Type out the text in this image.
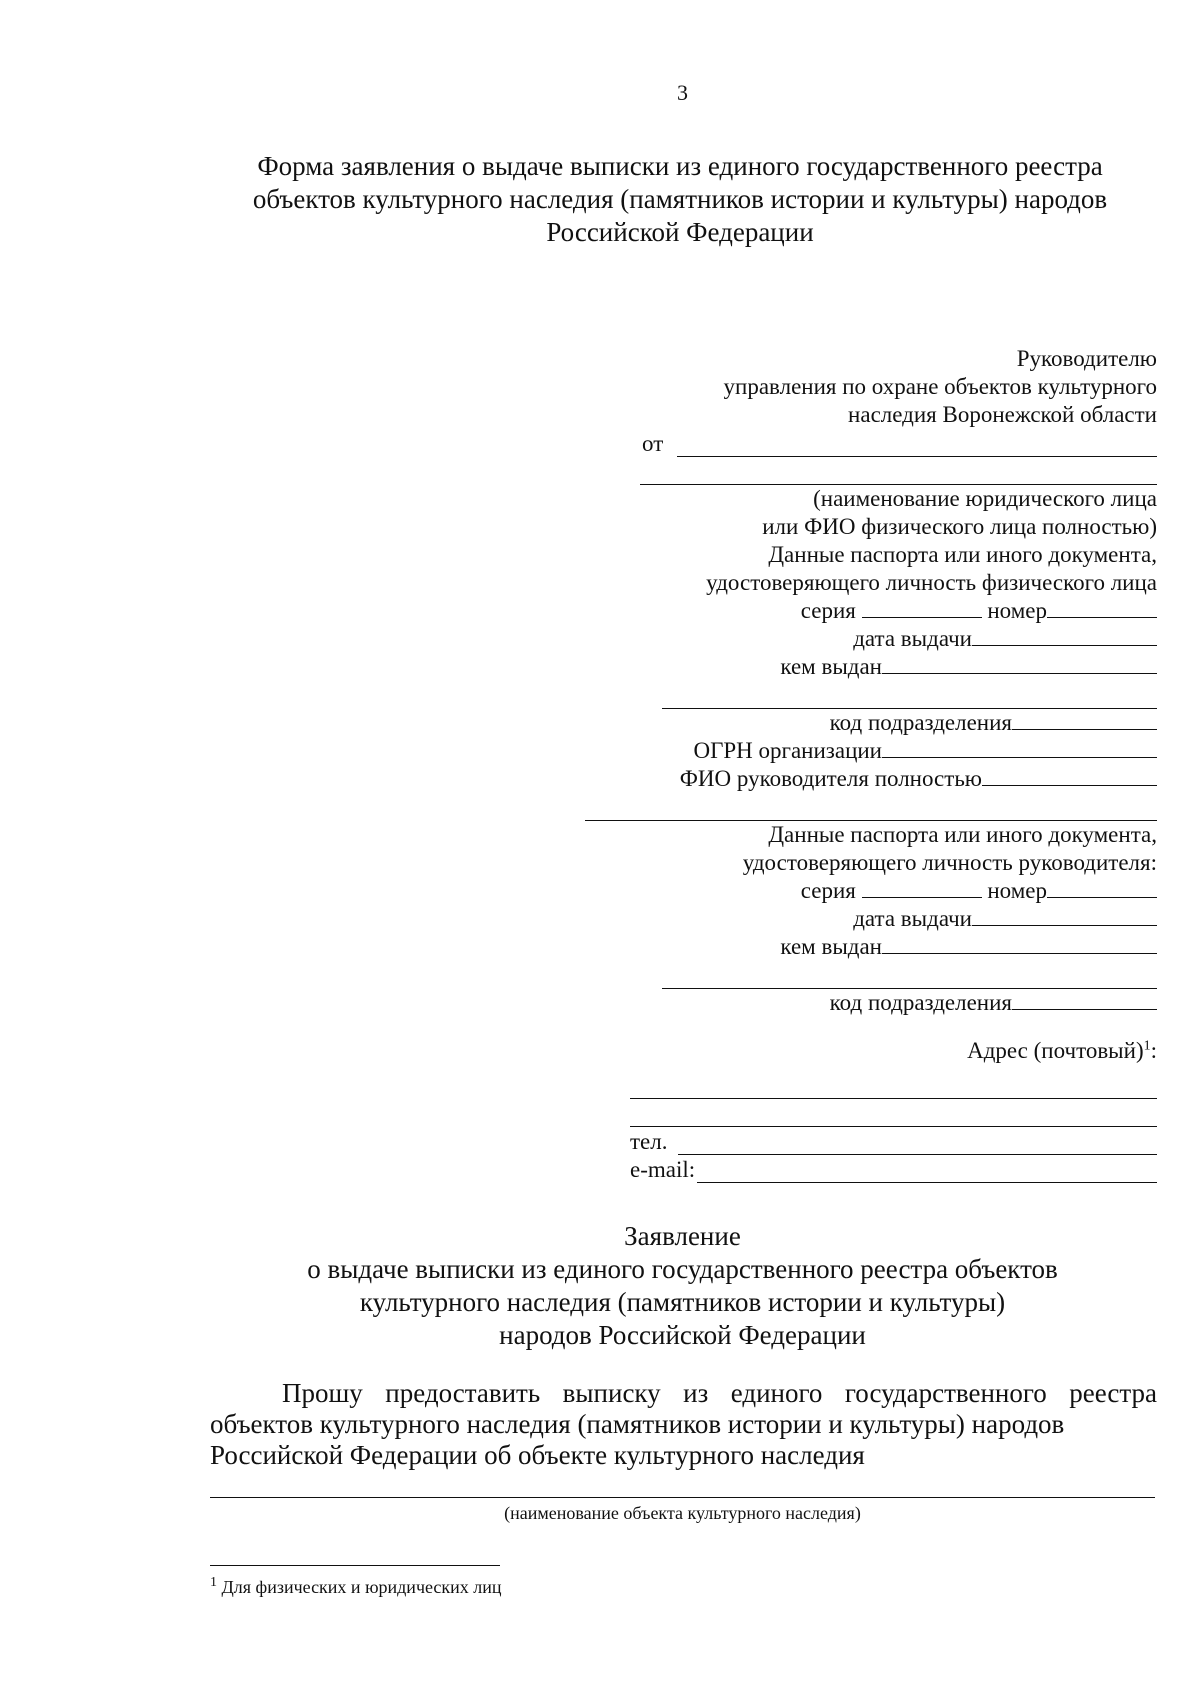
3
Форма заявления о выдаче выписки из единого государственного реестра
объектов культурного наследия (памятников истории и культуры) народов
Российской Федерации
Руководителю
управления по охране объектов культурного
наследия Воронежской области
от
(наименование юридического лица
или ФИО физического лица полностью)
Данные паспорта или иного документа,
удостоверяющего личность физического лица
серия	номер
дата выдачи
кем выдан
код подразделения
ОГРН организации
ФИО руководителя полностью
Данные паспорта или иного документа,
удостоверяющего личность руководителя:
серия	номер
дата выдачи
кем выдан
код подразделения
Адрес (почтовый)$^1$:
тел.
e-mail:
Заявление
о выдаче выписки из единого государственного реестра объектов
культурного наследия (памятников истории и культуры)
народов Российской Федерации
Прошу предоставить выписку из единого государственного реестра
объектов культурного наследия (памятников истории и культуры) народов
Российской Федерации об объекте культурного наследия
(наименование объекта культурного наследия)
$^1$ Для физических и юридических лиц
